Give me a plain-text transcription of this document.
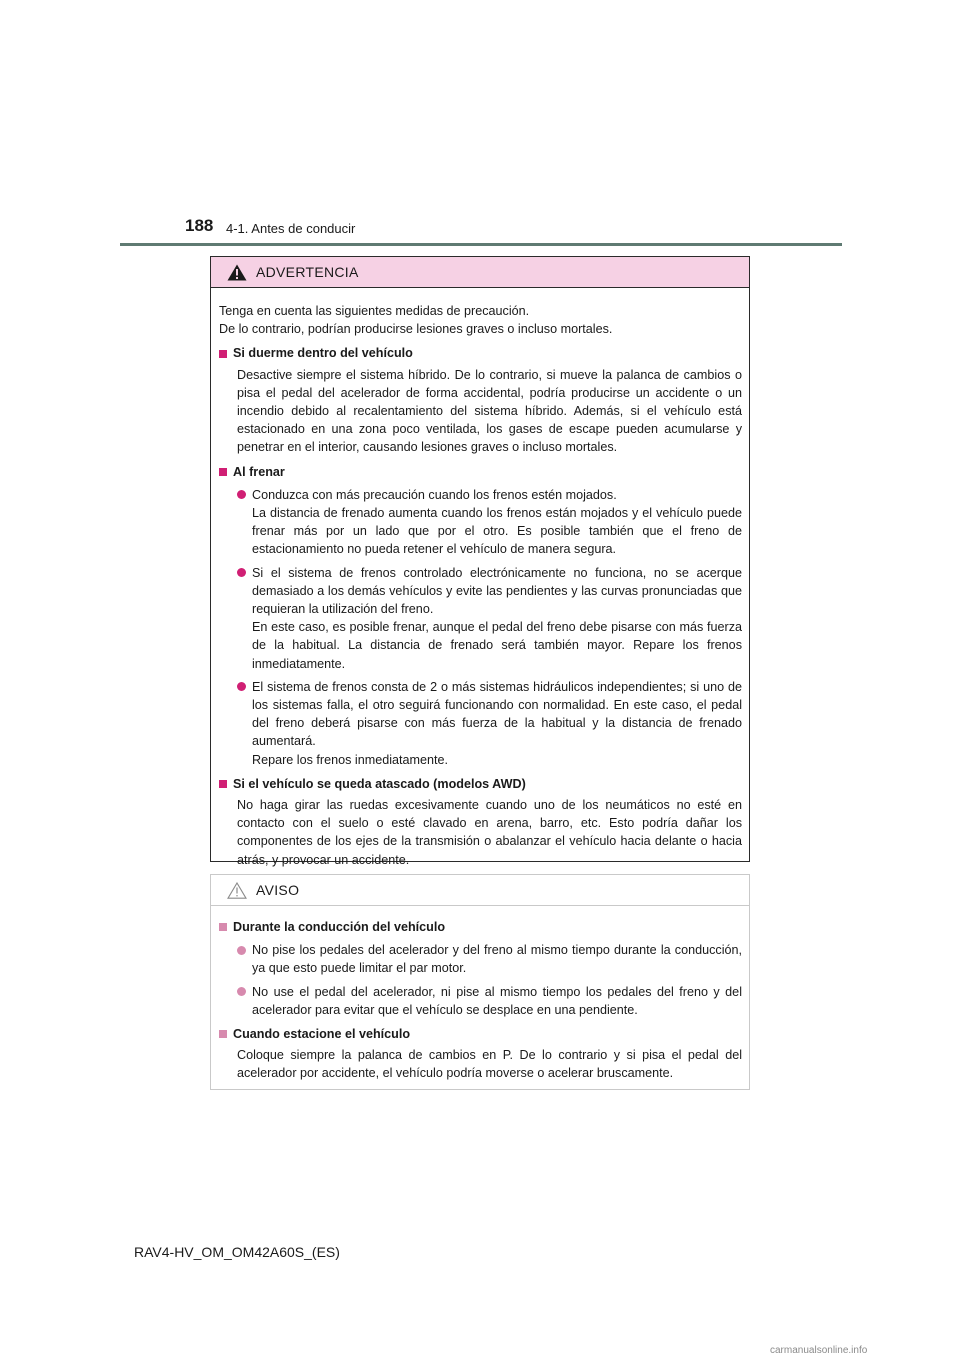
188 4-1. Antes de conducir
ADVERTENCIA
Tenga en cuenta las siguientes medidas de precaución.
De lo contrario, podrían producirse lesiones graves o incluso mortales.
Si duerme dentro del vehículo
Desactive siempre el sistema híbrido. De lo contrario, si mueve la palanca de cambios o pisa el pedal del acelerador de forma accidental, podría producirse un accidente o un incendio debido al recalentamiento del sistema híbrido. Además, si el vehículo está estacionado en una zona poco ventilada, los gases de escape pueden acumularse y penetrar en el interior, causando lesiones graves o incluso mortales.
Al frenar
Conduzca con más precaución cuando los frenos estén mojados.
La distancia de frenado aumenta cuando los frenos están mojados y el vehículo puede frenar más por un lado que por el otro. Es posible también que el freno de estacionamiento no pueda retener el vehículo de manera segura.
Si el sistema de frenos controlado electrónicamente no funciona, no se acerque demasiado a los demás vehículos y evite las pendientes y las curvas pronunciadas que requieran la utilización del freno.
En este caso, es posible frenar, aunque el pedal del freno debe pisarse con más fuerza de la habitual. La distancia de frenado será también mayor. Repare los frenos inmediatamente.
El sistema de frenos consta de 2 o más sistemas hidráulicos independientes; si uno de los sistemas falla, el otro seguirá funcionando con normalidad. En este caso, el pedal del freno deberá pisarse con más fuerza de la habitual y la distancia de frenado aumentará.
Repare los frenos inmediatamente.
Si el vehículo se queda atascado (modelos AWD)
No haga girar las ruedas excesivamente cuando uno de los neumáticos no esté en contacto con el suelo o esté clavado en arena, barro, etc. Esto podría dañar los componentes de los ejes de la transmisión o abalanzar el vehículo hacia delante o hacia atrás, y provocar un accidente.
AVISO
Durante la conducción del vehículo
No pise los pedales del acelerador y del freno al mismo tiempo durante la conducción, ya que esto puede limitar el par motor.
No use el pedal del acelerador, ni pise al mismo tiempo los pedales del freno y del acelerador para evitar que el vehículo se desplace en una pendiente.
Cuando estacione el vehículo
Coloque siempre la palanca de cambios en P. De lo contrario y si pisa el pedal del acelerador por accidente, el vehículo podría moverse o acelerar bruscamente.
RAV4-HV_OM_OM42A60S_(ES)
carmanualsonline.info
